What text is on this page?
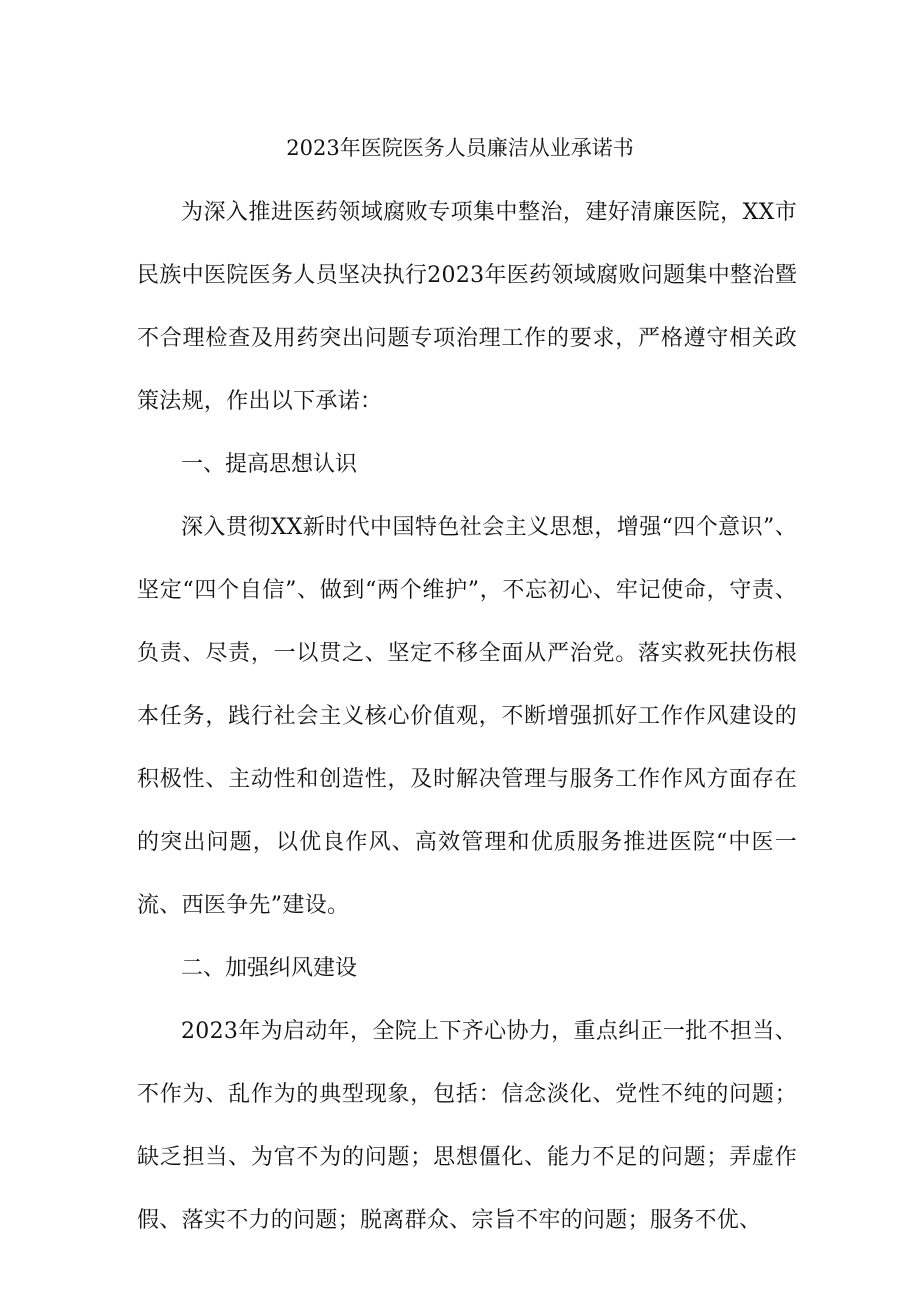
2023年医院医务人员廉洁从业承诺书

为深入推进医药领域腐败专项集中整治，建好清廉医院，XX市民族中医院医务人员坚决执行2023年医药领域腐败问题集中整治暨不合理检查及用药突出问题专项治理工作的要求，严格遵守相关政策法规，作出以下承诺：

一、提高思想认识

深入贯彻XX新时代中国特色社会主义思想，增强“四个意识”、坚定“四个自信”、做到“两个维护”，不忘初心、牢记使命，守责、负责、尽责，一以贯之、坚定不移全面从严治党。落实救死扶伤根本任务，践行社会主义核心价值观，不断增强抓好工作作风建设的积极性、主动性和创造性，及时解决管理与服务工作作风方面存在的突出问题，以优良作风、高效管理和优质服务推进医院“中医一流、西医争先”建设。

二、加强纠风建设

2023年为启动年，全院上下齐心协力，重点纠正一批不担当、不作为、乱作为的典型现象，包括：信念淡化、党性不纯的问题；缺乏担当、为官不为的问题；思想僵化、能力不足的问题；弄虚作假、落实不力的问题；脱离群众、宗旨不牢的问题；服务不优、
